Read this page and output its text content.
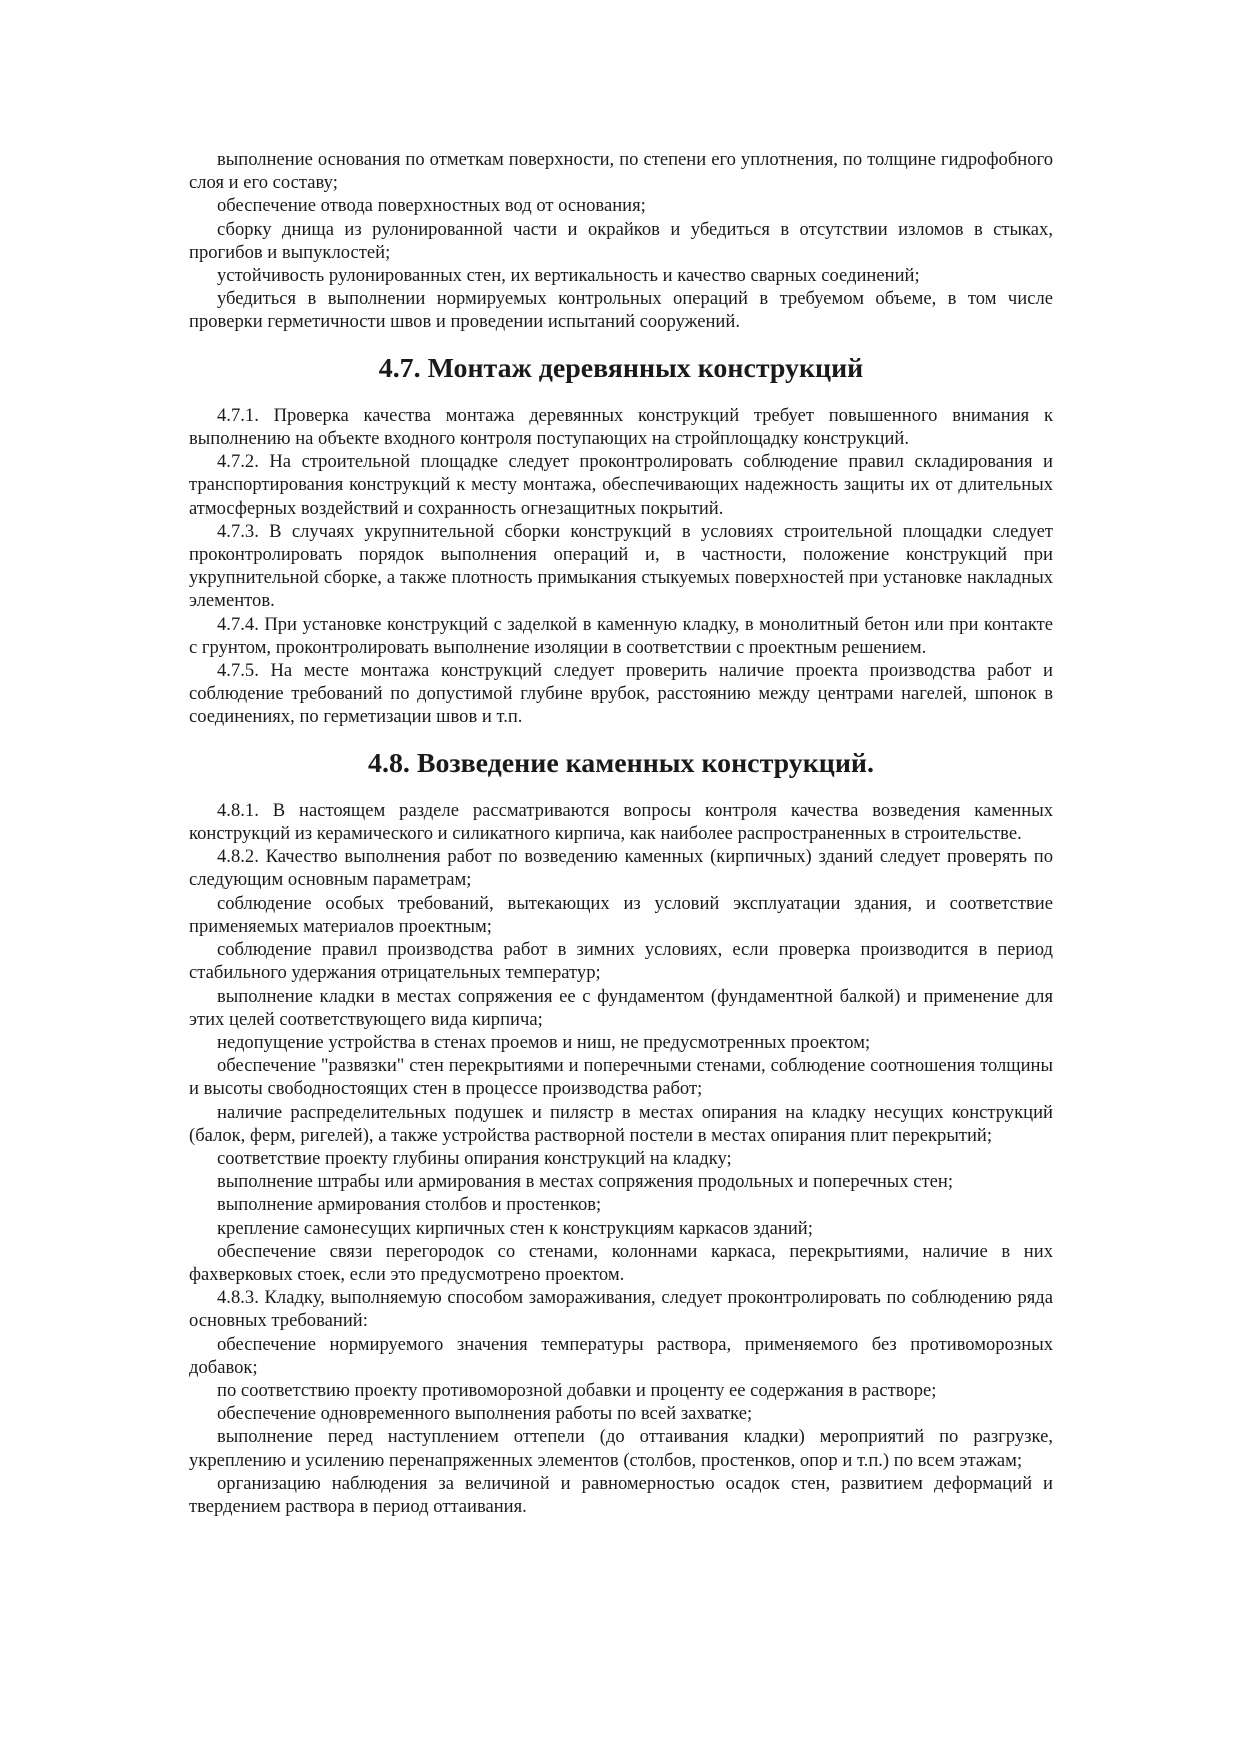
выполнение основания по отметкам поверхности, по степени его уплотнения, по толщине гидрофобного слоя и его составу;

обеспечение отвода поверхностных вод от основания;

сборку днища из рулонированной части и окрайков и убедиться в отсутствии изломов в стыках, прогибов и выпуклостей;

устойчивость рулонированных стен, их вертикальность и качество сварных соединений;

убедиться в выполнении нормируемых контрольных операций в требуемом объеме, в том числе проверки герметичности швов и проведении испытаний сооружений.

4.7. Монтаж деревянных конструкций

4.7.1. Проверка качества монтажа деревянных конструкций требует повышенного внимания к выполнению на объекте входного контроля поступающих на стройплощадку конструкций.

4.7.2. На строительной площадке следует проконтролировать соблюдение правил складирования и транспортирования конструкций к месту монтажа, обеспечивающих надежность защиты их от длительных атмосферных воздействий и сохранность огнезащитных покрытий.

4.7.3. В случаях укрупнительной сборки конструкций в условиях строительной площадки следует проконтролировать порядок выполнения операций и, в частности, положение конструкций при укрупнительной сборке, а также плотность примыкания стыкуемых поверхностей при установке накладных элементов.

4.7.4. При установке конструкций с заделкой в каменную кладку, в монолитный бетон или при контакте с грунтом, проконтролировать выполнение изоляции в соответствии с проектным решением.

4.7.5. На месте монтажа конструкций следует проверить наличие проекта производства работ и соблюдение требований по допустимой глубине врубок, расстоянию между центрами нагелей, шпонок в соединениях, по герметизации швов и т.п.

4.8. Возведение каменных конструкций.

4.8.1. В настоящем разделе рассматриваются вопросы контроля качества возведения каменных конструкций из керамического и силикатного кирпича, как наиболее распространенных в строительстве.

4.8.2. Качество выполнения работ по возведению каменных (кирпичных) зданий следует проверять по следующим основным параметрам;

соблюдение особых требований, вытекающих из условий эксплуатации здания, и соответствие применяемых материалов проектным;

соблюдение правил производства работ в зимних условиях, если проверка производится в период стабильного удержания отрицательных температур;

выполнение кладки в местах сопряжения ее с фундаментом (фундаментной балкой) и применение для этих целей соответствующего вида кирпича;

недопущение устройства в стенах проемов и ниш, не предусмотренных проектом;

обеспечение "развязки" стен перекрытиями и поперечными стенами, соблюдение соотношения толщины и высоты свободностоящих стен в процессе производства работ;

наличие распределительных подушек и пилястр в местах опирания на кладку несущих конструкций (балок, ферм, ригелей), а также устройства растворной постели в местах опирания плит перекрытий;

соответствие проекту глубины опирания конструкций на кладку;

выполнение штрабы или армирования в местах сопряжения продольных и поперечных стен;

выполнение армирования столбов и простенков;

крепление самонесущих кирпичных стен к конструкциям каркасов зданий;

обеспечение связи перегородок со стенами, колоннами каркаса, перекрытиями, наличие в них фахверковых стоек, если это предусмотрено проектом.

4.8.3. Кладку, выполняемую способом замораживания, следует проконтролировать по соблюдению ряда основных требований:

обеспечение нормируемого значения температуры раствора, применяемого без противоморозных добавок;

по соответствию проекту противоморозной добавки и проценту ее содержания в растворе;

обеспечение одновременного выполнения работы по всей захватке;

выполнение перед наступлением оттепели (до оттаивания кладки) мероприятий по разгрузке, укреплению и усилению перенапряженных элементов (столбов, простенков, опор и т.п.) по всем этажам;

организацию наблюдения за величиной и равномерностью осадок стен, развитием деформаций и твердением раствора в период оттаивания.
